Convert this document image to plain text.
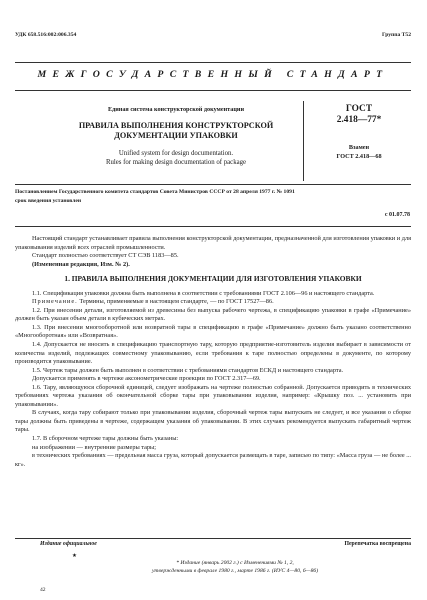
УДК 658.516:002:006.354	Группа Т52
МЕЖГОСУДАРСТВЕННЫЙ СТАНДАРТ
Единая система конструкторской документации
ПРАВИЛА ВЫПОЛНЕНИЯ КОНСТРУКТОРСКОЙ
ДОКУМЕНТАЦИИ УПАКОВКИ
Unified system for design documentation.
Rules for making design documentation of package
ГОСТ
2.418—77*
Взамен
ГОСТ 2.418—68
Постановлением Государственного комитета стандартов Совета Министров СССР от 28 апреля 1977 г. № 1091
срок введения установлен
с 01.07.78

Настоящий стандарт устанавливает правила выполнения конструкторской документации, предназначенной для изготовления упаковки и для упаковывания изделий всех отраслей промышленности.

Стандарт полностью соответствует СТ СЭВ 1183—85.

(Измененная редакция, Изм. № 2).

1. ПРАВИЛА ВЫПОЛНЕНИЯ ДОКУМЕНТАЦИИ ДЛЯ ИЗГОТОВЛЕНИЯ УПАКОВКИ

1.1. Спецификация упаковки должна быть выполнена в соответствии с требованиями ГОСТ 2.106—96 и настоящего стандарта.

Примечание. Термины, применяемые в настоящем стандарте, — по ГОСТ 17527—86.

1.2. При внесении детали, изготовляемой из древесины без выпуска рабочего чертежа, в спецификацию упаковки в графе «Примечание» должен быть указан объем детали в кубических метрах.

1.3. При внесении многооборотной или возвратной тары в спецификацию в графе «Примечание» должно быть указано соответственно «Многооборотная» или «Возвратная».

1.4. Допускается не вносить в спецификацию транспортную тару, которую предприятие-изготовитель изделия выбирает в зависимости от количества изделий, подлежащих совместному упаковыванию, если требования к таре полностью определены в документе, по которому производится упаковывание.

1.5. Чертеж тары должен быть выполнен в соответствии с требованиями стандартов ЕСКД и настоящего стандарта.

Допускается применять в чертеже аксонометрические проекции по ГОСТ 2.317—69.

1.6. Тару, являющуюся сборочной единицей, следует изображать на чертеже полностью собранной. Допускается приводить в технических требованиях чертежа указания об окончательной сборке тары при упаковывании изделия, например: «Крышку поз. ... установить при упаковывании».

В случаях, когда тару собирают только при упаковывании изделия, сборочный чертеж тары выпускать не следует, и все указания о сборке тары должны быть приведены в чертеже, содержащем указания об упаковывании. В этих случаях рекомендуется выпускать габаритный чертеж тары.

1.7. В сборочном чертеже тары должны быть указаны:

на изображении — внутренние размеры тары;

в технических требованиях — предельная масса груза, который допускается размещать в таре, записью по типу: «Масса груза — не более ... кг».

Издание официальное	Перепечатка воспрещена
★
* Издание (январь 2002 г.) с Изменениями № 1, 2,
утвержденными в феврале 1980 г., марте 1986 г. (ИУС 4—80, 6—86)
42
